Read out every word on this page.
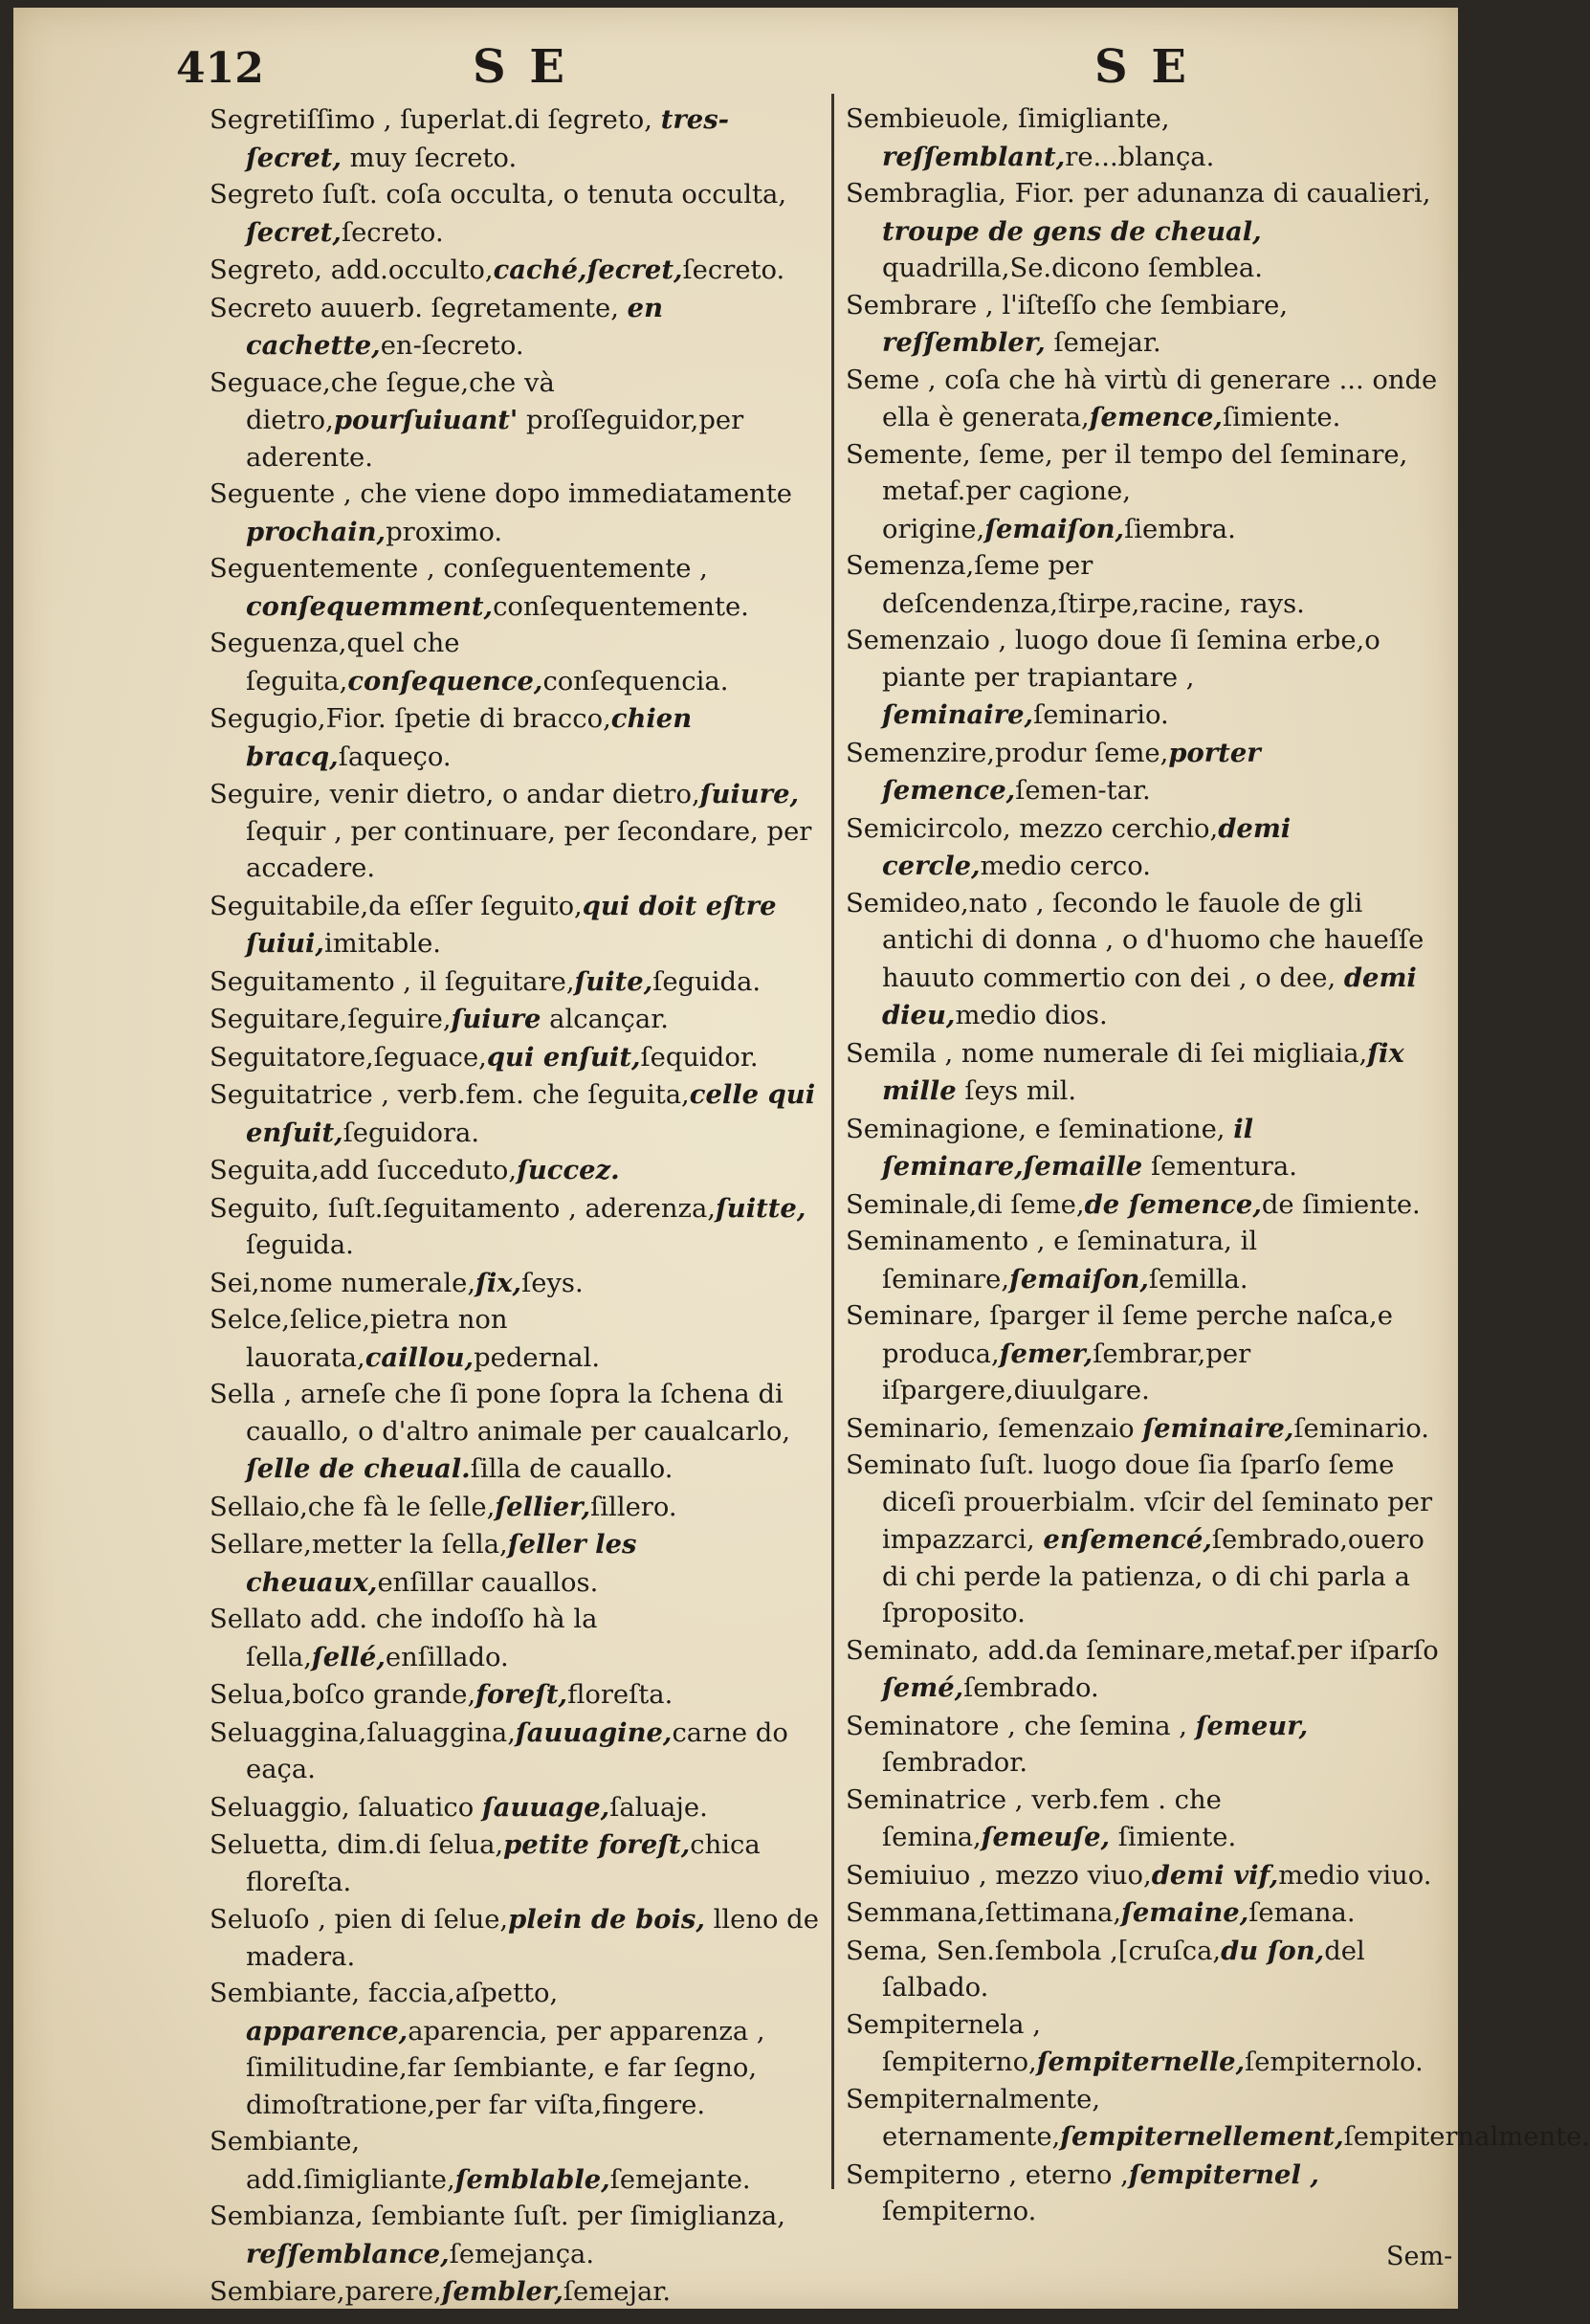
412	S E	S E

Segretiſſimo , ſuperlat.di ſegreto, tres-ſecret, muy ſecreto.

Segreto ſuſt. coſa occulta, o tenuta occulta, ſecret,ſecreto.

Segreto, add.occulto,caché,ſecret,ſecreto.

Secreto auuerb. ſegretamente, en cachette,en-ſecreto.

Seguace,che ſegue,che và dietro,pourſuiuant' proſſeguidor,per aderente.

Seguente , che viene dopo immediatamente prochain,proximo.

Seguentemente , conſeguentemente , conſequemment,conſequentemente.

Seguenza,quel che ſeguita,conſequence,conſequencia.

Segugio,Fior. ſpetie di bracco,chien bracq,ſaqueço.

Seguire, venir dietro, o andar dietro,ſuiure, ſequir , per continuare, per ſecondare, per accadere.

Seguitabile,da eſſer ſeguito,qui doit eſtre ſuiui,imitable.

Seguitamento , il ſeguitare,ſuite,ſeguida.

Seguitare,ſeguire,ſuiure alcançar.

Seguitatore,ſeguace,qui enſuit,ſequidor.

Seguitatrice , verb.fem. che ſeguita,celle qui enſuit,ſeguidora.

Seguita,add ſucceduto,ſuccez.

Seguito, ſuſt.ſeguitamento , aderenza,ſuitte, ſeguida.

Sei,nome numerale,ſix,ſeys.

Selce,ſelice,pietra non lauorata,caillou,pedernal.

Sella , arneſe che ſi pone ſopra la ſchena di cauallo, o d'altro animale per caualcarlo, ſelle de cheual.ſilla de cauallo.

Sellaio,che fà le ſelle,ſellier,ſillero.

Sellare,metter la ſella,ſeller les cheuaux,enſillar cauallos.

Sellato add. che indoſſo hà la ſella,ſellé,enſillado.

Selua,boſco grande,foreſt,floreſta.

Seluaggina,ſaluaggina,ſauuagine,carne do eaça.

Seluaggio, ſaluatico ſauuage,ſaluaje.

Seluetta, dim.di ſelua,petite foreſt,chica floreſta.

Seluoſo , pien di ſelue,plein de bois, lleno de madera.

Sembiante, faccia,aſpetto, apparence,aparencia, per apparenza , ſimilitudine,far ſembiante, e far ſegno, dimoſtratione,per far viſta,fingere.

Sembiante, add.ſimigliante,ſemblable,ſemejante.

Sembianza, ſembiante ſuſt. per ſimiglianza, reſſemblance,ſemejança.

Sembiare,parere,ſembler,ſemejar.

Sembieuole, ſimigliante, reſſemblant,re...blança.

Sembraglia, Fior. per adunanza di caualieri, troupe de gens de cheual, quadrilla,Se.dicono ſemblea.

Sembrare , l'iſteſſo che ſembiare, reſſembler, ſemejar.

Seme , coſa che hà virtù di generare ... onde ella è generata,ſemence,ſimiente.

Semente, ſeme, per il tempo del ſeminare, metaf.per cagione, origine,ſemaiſon,ſiembra.

Semenza,ſeme per deſcendenza,ſtirpe,racine, rays.

Semenzaio , luogo doue ſi ſemina erbe,o piante per trapiantare , ſeminaire,ſeminario.

Semenzire,produr ſeme,porter ſemence,ſemen-tar.

Semicircolo, mezzo cerchio,demi cercle,medio cerco.

Semideo,nato , ſecondo le fauole de gli antichi di donna , o d'huomo che haueſſe hauuto commertio con dei , o dee, demi dieu,medio dios.

Semila , nome numerale di ſei migliaia,ſix mille ſeys mil.

Seminagione, e ſeminatione, il ſeminare,ſemaille ſementura.

Seminale,di ſeme,de ſemence,de ſimiente.

Seminamento , e ſeminatura, il ſeminare,ſemaiſon,ſemilla.

Seminare, ſparger il ſeme perche naſca,e produca,ſemer,ſembrar,per iſpargere,diuulgare.

Seminario, ſemenzaio ſeminaire,ſeminario.

Seminato ſuſt. luogo doue ſia ſparſo ſeme diceſi prouerbialm. vſcir del ſeminato per impazzarci, enſemencé,ſembrado,ouero di chi perde la patienza, o di chi parla a ſproposito.

Seminato, add.da ſeminare,metaf.per iſparſo ſemé,ſembrado.

Seminatore , che ſemina , ſemeur, ſembrador.

Seminatrice , verb.fem . che ſemina,ſemeuſe, ſimiente.

Semiuiuo , mezzo viuo,demi vif,medio viuo.

Semmana,ſettimana,ſemaine,ſemana.

Sema, Sen.ſembola ,[cruſca,du ſon,del ſalbado.

Sempiternela , ſempiterno,ſempiternelle,ſempiternolo.

Sempiternalmente, eternamente,ſempiternellement,ſempiternalmente.

Sempiterno , eterno ,ſempiternel , ſempiterno.

Sem-
